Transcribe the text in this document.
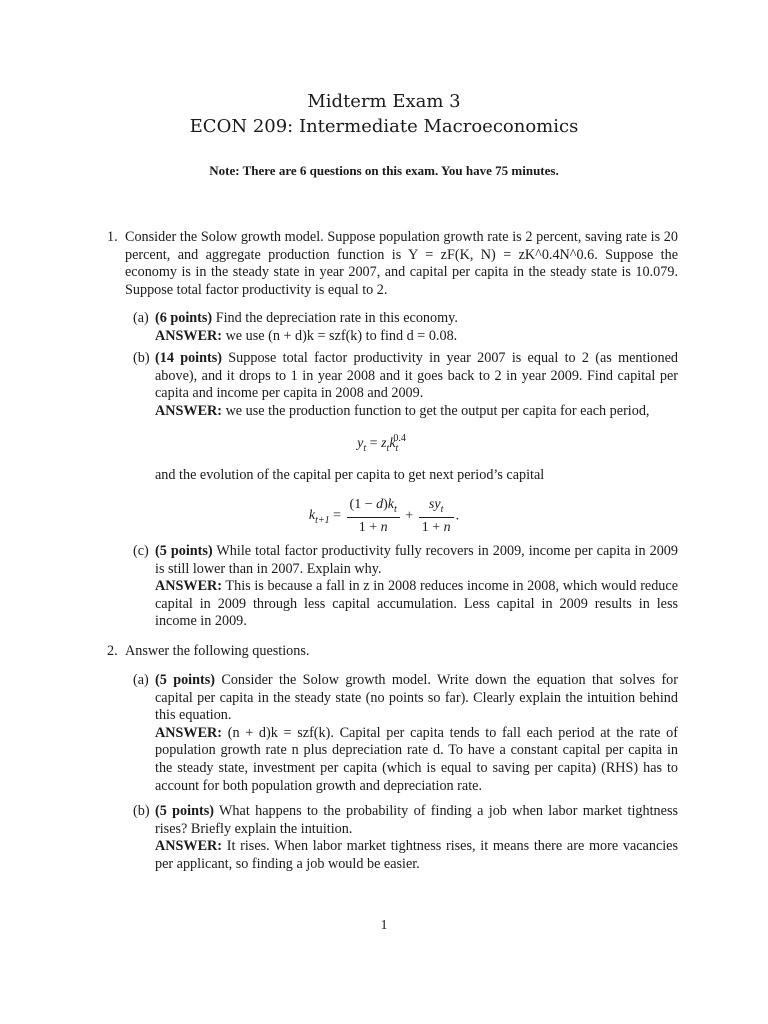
Midterm Exam 3
ECON 209: Intermediate Macroeconomics
Note: There are 6 questions on this exam. You have 75 minutes.
1. Consider the Solow growth model. Suppose population growth rate is 2 percent, saving rate is 20 percent, and aggregate production function is Y = zF(K, N) = zK^0.4N^0.6. Suppose the economy is in the steady state in year 2007, and capital per capita in the steady state is 10.079. Suppose total factor productivity is equal to 2.

(a) (6 points) Find the depreciation rate in this economy.
ANSWER: we use (n + d)k = szf(k) to find d = 0.08.

(b) (14 points) Suppose total factor productivity in year 2007 is equal to 2 (as mentioned above), and it drops to 1 in year 2008 and it goes back to 2 in year 2009. Find capital per capita and income per capita in 2008 and 2009.
ANSWER: we use the production function to get the output per capita for each period,

$y_t = z_tk_t^{0.4}$

and the evolution of the capital per capita to get next period’s capital

$k_{t+1} = \frac{(1 - d)k_t}{1 + n} + \frac{sy_t}{1 + n}$ .
(c) (5 points) While total factor productivity fully recovers in 2009, income per capita in 2009 is still lower than in 2007. Explain why.
ANSWER: This is because a fall in z in 2008 reduces income in 2008, which would reduce capital in 2009 through less capital accumulation. Less capital in 2009 results in less income in 2009.

2. Answer the following questions.

(a) (5 points) Consider the Solow growth model. Write down the equation that solves for capital per capita in the steady state (no points so far). Clearly explain the intuition behind this equation.
ANSWER: (n + d)k = szf(k). Capital per capita tends to fall each period at the rate of population growth rate n plus depreciation rate d. To have a constant capital per capita in the steady state, investment per capita (which is equal to saving per capita) (RHS) has to account for both population growth and depreciation rate.

(b) (5 points) What happens to the probability of finding a job when labor market tightness rises? Briefly explain the intuition.
ANSWER: It rises. When labor market tightness rises, it means there are more vacancies per applicant, so finding a job would be easier.

1
